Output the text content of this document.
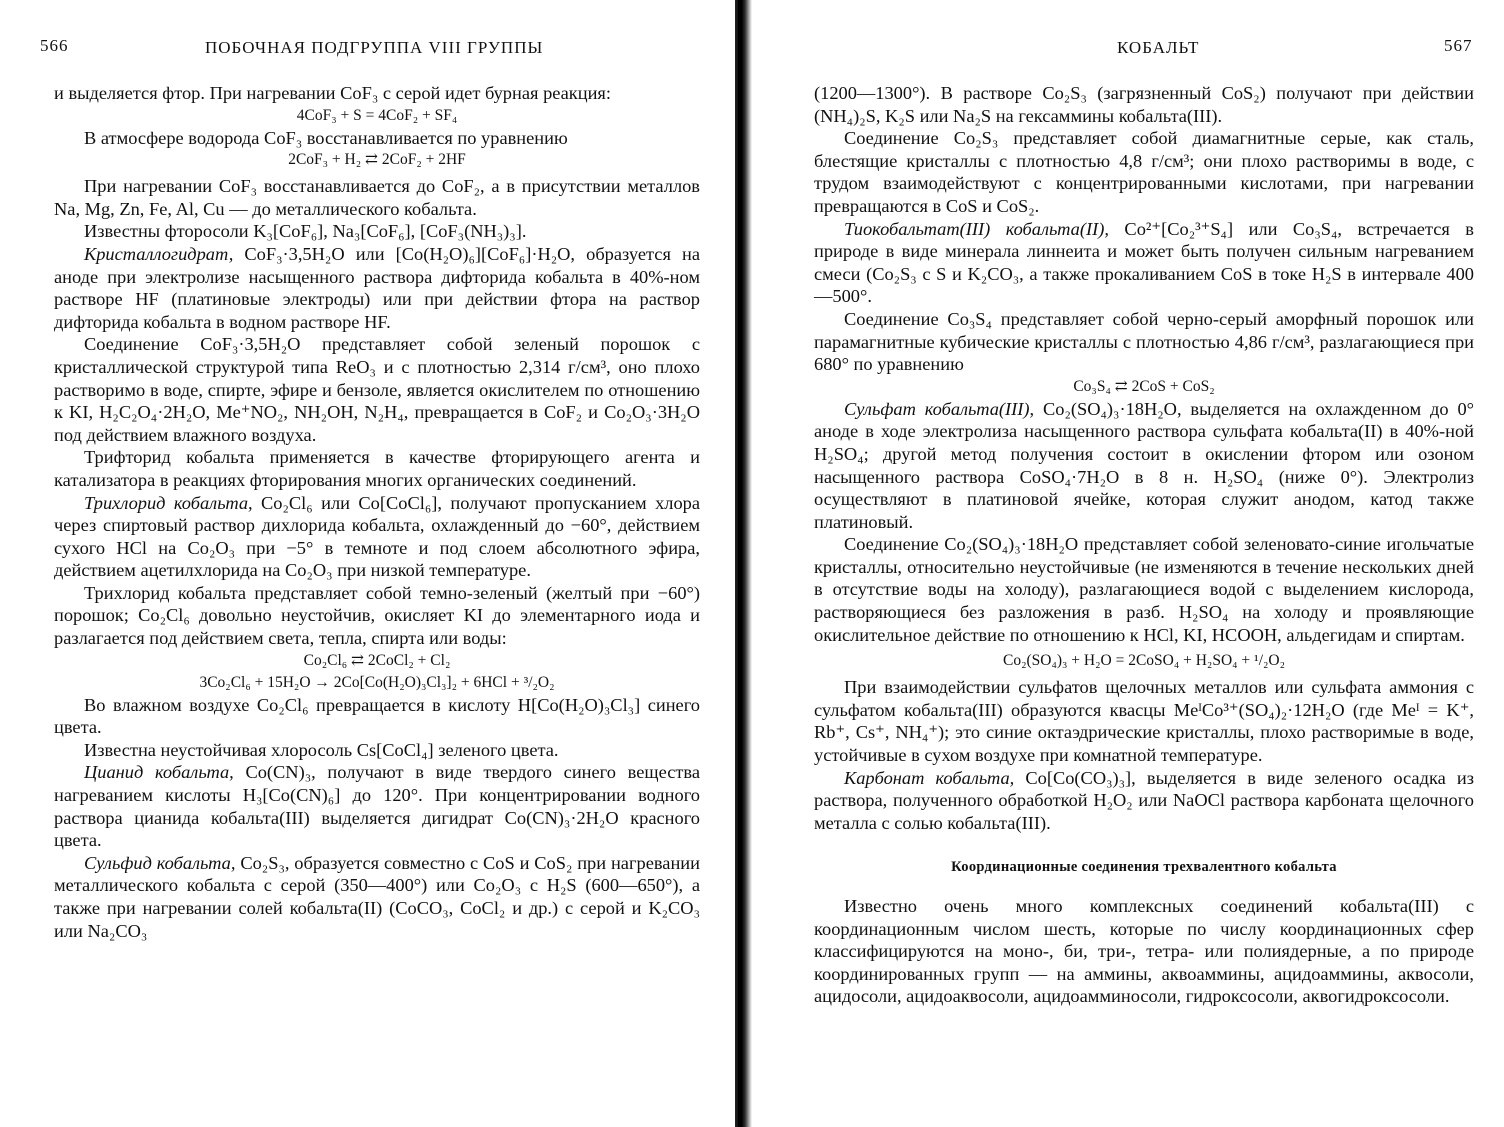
566	ПОБОЧНАЯ ПОДГРУППА VIII ГРУППЫ

и выделяется фтор. При нагревании CoF₃ с серой идет бурная реакция:

4CoF₃ + S = 4CoF₂ + SF₄

В атмосфере водорода CoF₃ восстанавливается по уравнению

2CoF₃ + H₂ ⇄ 2CoF₂ + 2HF

При нагревании CoF₃ восстанавливается до CoF₂, а в присутствии металлов Na, Mg, Zn, Fe, Al, Cu — до металлического кобальта.

Известны фторосоли K₃[CoF₆], Na₃[CoF₆], [CoF₃(NH₃)₃].

Кристаллогидрат, CoF₃·3,5H₂O или [Co(H₂O)₆][CoF₆]·H₂O, образуется на аноде при электролизе насыщенного раствора дифторида кобальта в 40%-ном растворе HF (платиновые электроды) или при действии фтора на раствор дифторида кобальта в водном растворе HF.

Соединение CoF₃·3,5H₂O представляет собой зеленый порошок с кристаллической структурой типа ReO₃ и с плотностью 2,314 г/см³, оно плохо растворимо в воде, спирте, эфире и бензоле, является окислителем по отношению к KI, H₂C₂O₄·2H₂O, Me⁺NO₂, NH₂OH, N₂H₄, превращается в CoF₂ и Co₂O₃·3H₂O под действием влажного воздуха.

Трифторид кобальта применяется в качестве фторирующего агента и катализатора в реакциях фторирования многих органических соединений.

Трихлорид кобальта, Co₂Cl₆ или Co[CoCl₆], получают пропусканием хлора через спиртовый раствор дихлорида кобальта, охлажденный до −60°, действием сухого HCl на Co₂O₃ при −5° в темноте и под слоем абсолютного эфира, действием ацетилхлорида на Co₂O₃ при низкой температуре.

Трихлорид кобальта представляет собой темно-зеленый (желтый при −60°) порошок; Co₂Cl₆ довольно неустойчив, окисляет KI до элементарного иода и разлагается под действием света, тепла, спирта или воды:

Co₂Cl₆ ⇄ 2CoCl₂ + Cl₂

3Co₂Cl₆ + 15H₂O → 2Co[Co(H₂O)₃Cl₃]₂ + 6HCl + ³/₂O₂

Во влажном воздухе Co₂Cl₆ превращается в кислоту H[Co(H₂O)₃Cl₃] синего цвета.

Известна неустойчивая хлоросоль Cs[CoCl₄] зеленого цвета.

Цианид кобальта, Co(CN)₃, получают в виде твердого синего вещества нагреванием кислоты H₃[Co(CN)₆] до 120°. При концентрировании водного раствора цианида кобальта(III) выделяется дигидрат Co(CN)₃·2H₂O красного цвета.

Сульфид кобальта, Co₂S₃, образуется совместно с CoS и CoS₂ при нагревании металлического кобальта с серой (350—400°) или Co₂O₃ с H₂S (600—650°), а также при нагревании солей кобальта(II) (CoCO₃, CoCl₂ и др.) с серой и K₂CO₃ или Na₂CO₃

КОБАЛЬТ	567

(1200—1300°). В растворе Co₂S₃ (загрязненный CoS₂) получают при действии (NH₄)₂S, K₂S или Na₂S на гексаммины кобальта(III).

Соединение Co₂S₃ представляет собой диамагнитные серые, как сталь, блестящие кристаллы с плотностью 4,8 г/см³; они плохо растворимы в воде, с трудом взаимодействуют с концентрированными кислотами, при нагревании превращаются в CoS и CoS₂.

Тиокобальтат(III) кобальта(II), Co²⁺[Co₂³⁺S₄] или Co₃S₄, встречается в природе в виде минерала линнеита и может быть получен сильным нагреванием смеси (Co₂S₃ с S и K₂CO₃, а также прокаливанием CoS в токе H₂S в интервале 400—500°.

Соединение Co₃S₄ представляет собой черно-серый аморфный порошок или парамагнитные кубические кристаллы с плотностью 4,86 г/см³, разлагающиеся при 680° по уравнению

Co₃S₄ ⇄ 2CoS + CoS₂

Сульфат кобальта(III), Co₂(SO₄)₃·18H₂O, выделяется на охлажденном до 0° аноде в ходе электролиза насыщенного раствора сульфата кобальта(II) в 40%-ной H₂SO₄; другой метод получения состоит в окислении фтором или озоном насыщенного раствора CoSO₄·7H₂O в 8 н. H₂SO₄ (ниже 0°). Электролиз осуществляют в платиновой ячейке, которая служит анодом, катод также платиновый.

Соединение Co₂(SO₄)₃·18H₂O представляет собой зеленовато-синие игольчатые кристаллы, относительно неустойчивые (не изменяются в течение нескольких дней в отсутствие воды на холоду), разлагающиеся водой с выделением кислорода, растворяющиеся без разложения в разб. H₂SO₄ на холоду и проявляющие окислительное действие по отношению к HCl, KI, HCOOH, альдегидам и спиртам.

Co₂(SO₄)₃ + H₂O = 2CoSO₄ + H₂SO₄ + ¹/₂O₂

При взаимодействии сульфатов щелочных металлов или сульфата аммония с сульфатом кобальта(III) образуются квасцы MeᴵCo³⁺(SO₄)₂·12H₂O (где Meᴵ = K⁺, Rb⁺, Cs⁺, NH₄⁺); это синие октаэдрические кристаллы, плохо растворимые в воде, устойчивые в сухом воздухе при комнатной температуре.

Карбонат кобальта, Co[Co(CO₃)₃], выделяется в виде зеленого осадка из раствора, полученного обработкой H₂O₂ или NaOCl раствора карбоната щелочного металла с солью кобальта(III).

Координационные соединения трехвалентного кобальта

Известно очень много комплексных соединений кобальта(III) с координационным числом шесть, которые по числу координационных сфер классифицируются на моно-, би, три-, тетра- или полиядерные, а по природе координированных групп — на аммины, аквоаммины, ацидоаммины, аквосоли, ацидосоли, ацидоаквосоли, ацидоамминосоли, гидроксосоли, аквогидроксосоли.
